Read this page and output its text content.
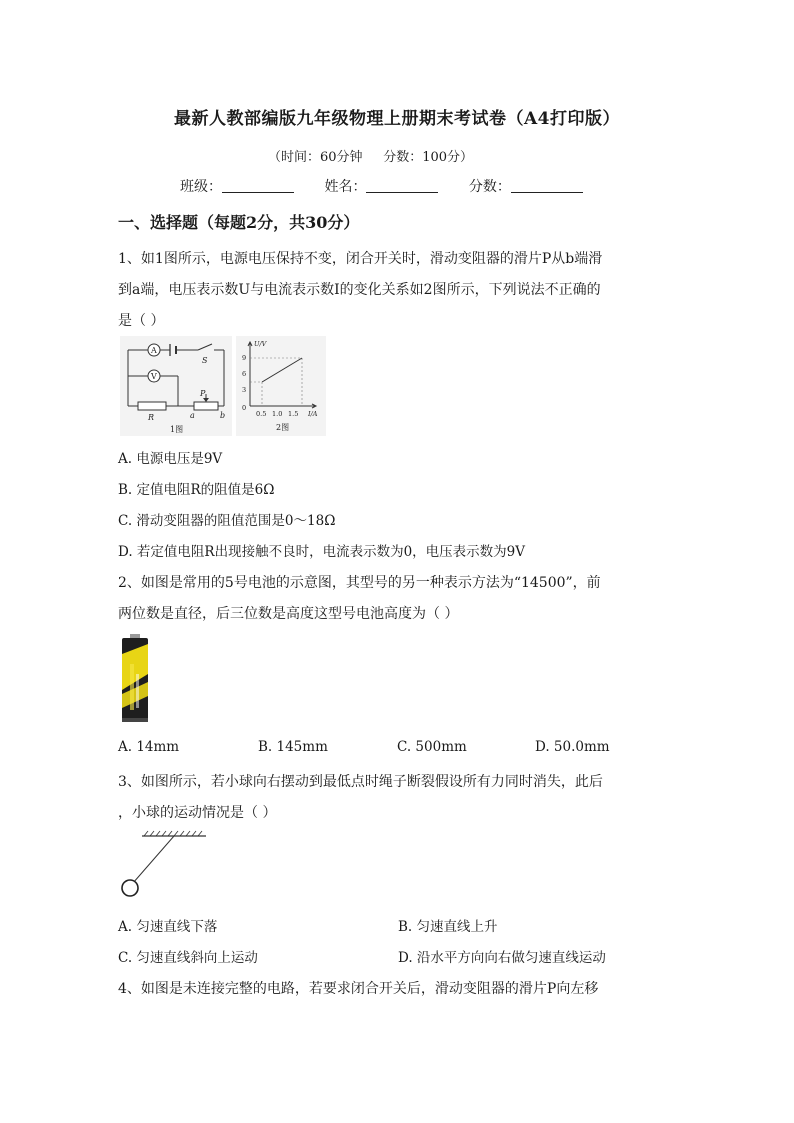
最新人教部编版九年级物理上册期末考试卷（A4打印版）
（时间：60分钟     分数：100分）
班级：	姓名：	分数：
一、选择题（每题2分，共30分）
1、如1图所示，电源电压保持不变，闭合开关时，滑动变阻器的滑片P从b端滑
到a端，电压表示数U与电流表示数I的变化关系如2图所示，下列说法不正确的
是（ ）
A
V
S
R
P
a	b
1图
U/V
I/A
9
6
3
0
0.5 1.0 1.5
2图
A. 电源电压是9V
B. 定值电阻R的阻值是6Ω
C. 滑动变阻器的阻值范围是0～18Ω
D. 若定值电阻R出现接触不良时，电流表示数为0，电压表示数为9V
2、如图是常用的5号电池的示意图，其型号的另一种表示方法为“14500”，前
两位数是直径，后三位数是高度这型号电池高度为（ ）
A. 14mm	B. 145mm	C. 500mm	D. 50.0mm
3、如图所示，若小球向右摆动到最低点时绳子断裂假设所有力同时消失，此后
，小球的运动情况是（ ）
A. 匀速直线下落	B. 匀速直线上升
C. 匀速直线斜向上运动	D. 沿水平方向向右做匀速直线运动
4、如图是未连接完整的电路，若要求闭合开关后，滑动变阻器的滑片P向左移
